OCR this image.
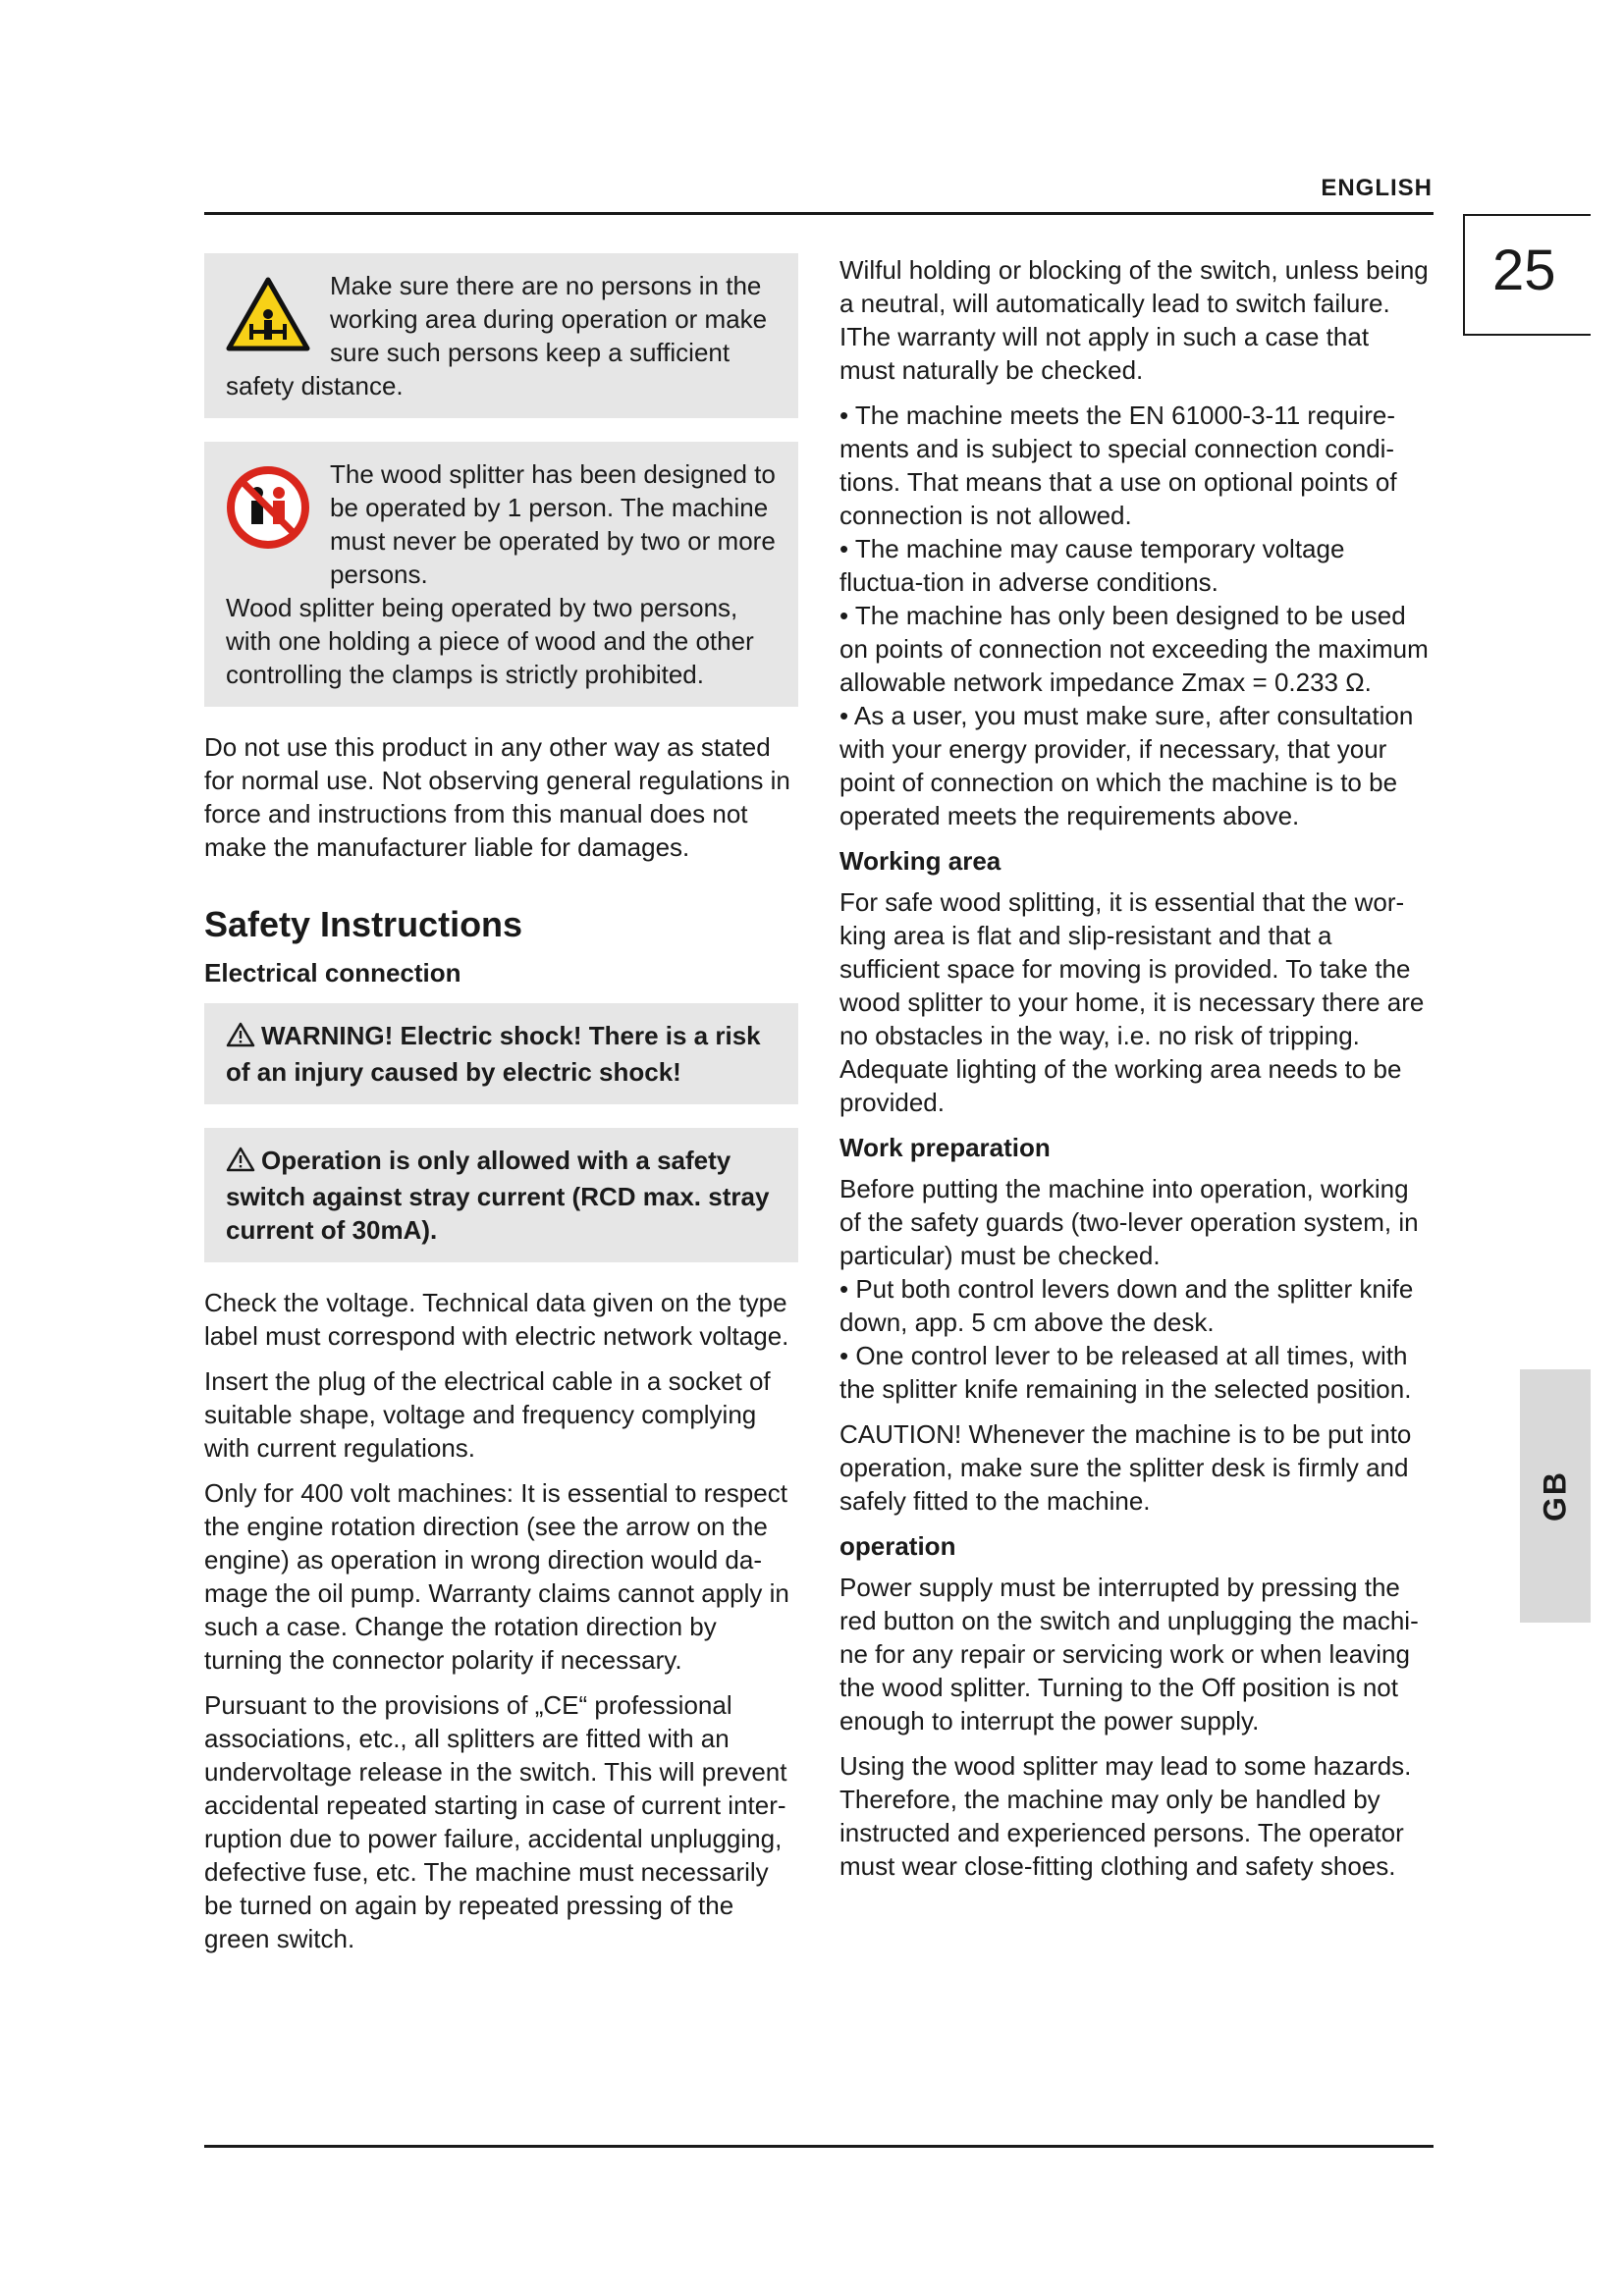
ENGLISH
25
GB

Make sure there are no persons in the working area during operation or make sure such persons keep a sufficient safety distance.

The wood splitter has been designed to be operated by 1 person. The machine must never be operated by two or more persons.

Wood splitter being operated by two persons, with one holding a piece of wood and the other controlling the clamps is strictly prohibited.

Do not use this product in any other way as stated for normal use. Not observing general regulations in force and instructions from this manual does not make the manufacturer liable for damages.

Safety Instructions
Electrical connection

WARNING! Electric shock! There is a risk of an injury caused by electric shock!

Operation is only allowed with a safety switch against stray current (RCD max. stray current of 30mA).

Check the voltage. Technical data given on the type label must correspond with electric network voltage.

Insert the plug of the electrical cable in a socket of suitable shape, voltage and frequency complying with current regulations.

Only for 400 volt machines: It is essential to respect the engine rotation direction (see the arrow on the engine) as operation in wrong direction would da-mage the oil pump. Warranty claims cannot apply in such a case. Change the rotation direction by turning the connector polarity if necessary.

Pursuant to the provisions of „CE“ professional associations, etc., all splitters are fitted with an undervoltage release in the switch. This will prevent accidental repeated starting in case of current inter-ruption due to power failure, accidental unplugging, defective fuse, etc. The machine must necessarily be turned on again by repeated pressing of the green switch.

Wilful holding or blocking of the switch, unless being a neutral, will automatically lead to switch failure. IThe warranty will not apply in such a case that must naturally be checked.

• The machine meets the EN 61000-3-11 require-ments and is subject to special connection condi-tions. That means that a use on optional points of connection is not allowed.

• The machine may cause temporary voltage fluctua-tion in adverse conditions.

• The machine has only been designed to be used on points of connection not exceeding the maximum allowable network impedance Zmax = 0.233 Ω.

• As a user, you must make sure, after consultation with your energy provider, if necessary, that your point of connection on which the machine is to be operated meets the requirements above.

Working area

For safe wood splitting, it is essential that the wor-king area is flat and slip-resistant and that a sufficient space for moving is provided. To take the wood splitter to your home, it is necessary there are no obstacles in the way, i.e. no risk of tripping. Adequate lighting of the working area needs to be provided.

Work preparation

Before putting the machine into operation, working of the safety guards (two-lever operation system, in particular) must be checked.

• Put both control levers down and the splitter knife down, app. 5 cm above the desk.

• One control lever to be released at all times, with the splitter knife remaining in the selected position.

CAUTION! Whenever the machine is to be put into operation, make sure the splitter desk is firmly and safely fitted to the machine.

operation

Power supply must be interrupted by pressing the red button on the switch and unplugging the machi-ne for any repair or servicing work or when leaving the wood splitter. Turning to the Off position is not enough to interrupt the power supply.

Using the wood splitter may lead to some hazards. Therefore, the machine may only be handled by instructed and experienced persons. The operator must wear close-fitting clothing and safety shoes.
